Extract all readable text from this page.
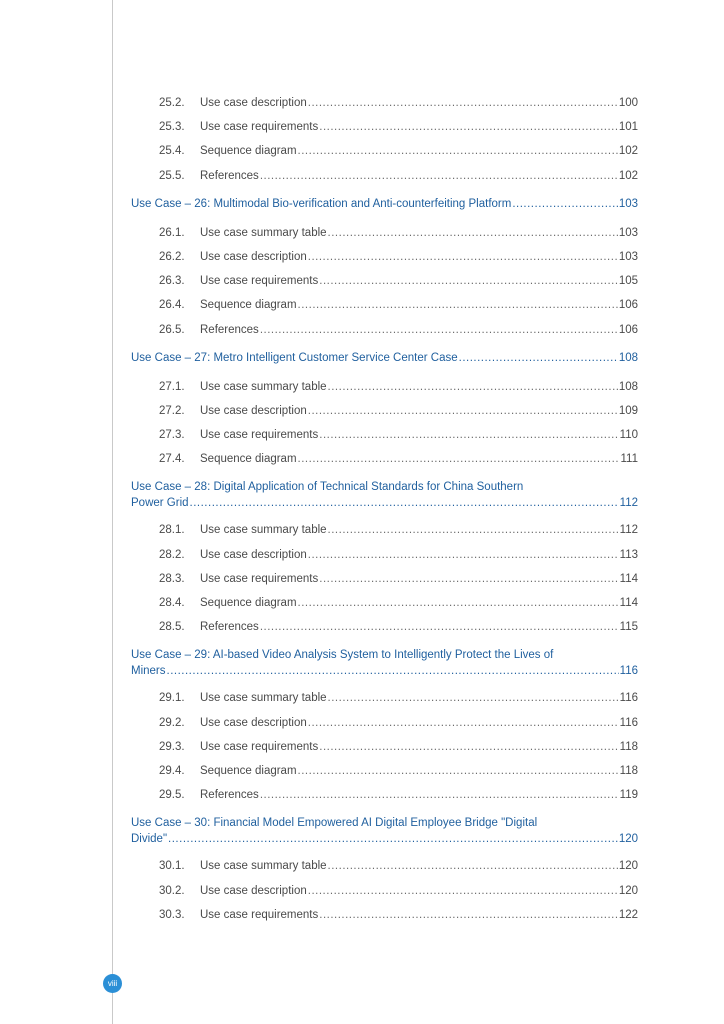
25.2.	Use case description .....	100
25.3.	Use case requirements .....	101
25.4.	Sequence diagram .....	102
25.5.	References .....	102
Use Case – 26: Multimodal Bio-verification and Anti-counterfeiting Platform .....	103
26.1.	Use case summary table .....	103
26.2.	Use case description .....	103
26.3.	Use case requirements .....	105
26.4.	Sequence diagram .....	106
26.5.	References .....	106
Use Case – 27: Metro Intelligent Customer Service Center Case .....	108
27.1.	Use case summary table .....	108
27.2.	Use case description .....	109
27.3.	Use case requirements .....	110
27.4.	Sequence diagram .....	111
Use Case – 28: Digital Application of Technical Standards for China Southern
Power Grid .....	112
28.1.	Use case summary table .....	112
28.2.	Use case description .....	113
28.3.	Use case requirements .....	114
28.4.	Sequence diagram .....	114
28.5.	References .....	115
Use Case – 29: AI-based Video Analysis System to Intelligently Protect the Lives of
Miners .....	116
29.1.	Use case summary table .....	116
29.2.	Use case description .....	116
29.3.	Use case requirements .....	118
29.4.	Sequence diagram .....	118
29.5.	References .....	119
Use Case – 30: Financial Model Empowered AI Digital Employee Bridge "Digital
Divide" .....	120
30.1.	Use case summary table .....	120
30.2.	Use case description .....	120
30.3.	Use case requirements .....	122
viii
